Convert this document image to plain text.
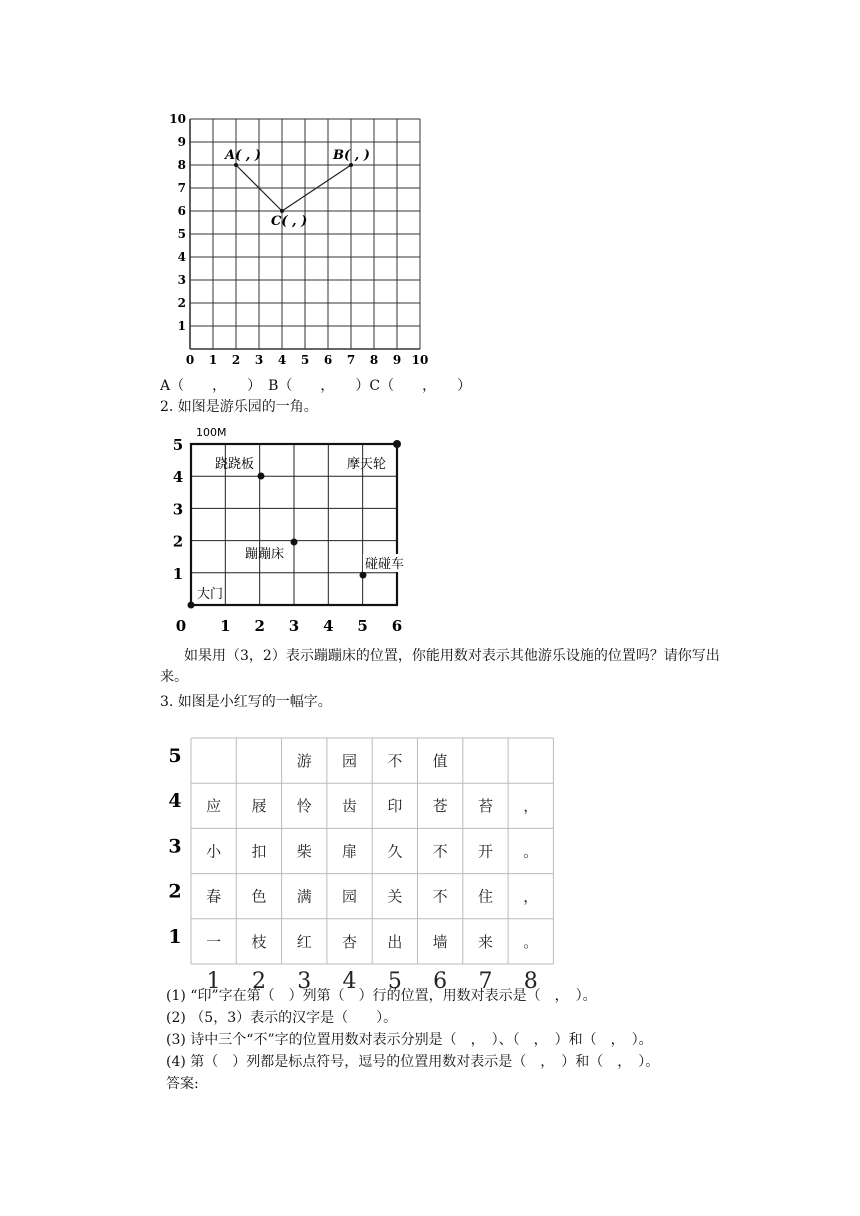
10
9
8
7
6
5
4
3
2
1
0 1 2 3 4 5 6 7 8 9 10
A( , )	B( , )
C( , )
A（　　，　　）　B（　　，　　）C（　　，　　）
2. 如图是游乐园的一角。
5
4
3
2
1
0 1 2 3 4 5 6
100M
跷跷板	摩天轮
蹦蹦床
碰碰车
大门
如果用（3，2）表示蹦蹦床的位置，你能用数对表示其他游乐设施的位置吗？请你写出
来。
3. 如图是小红写的一幅字。
5
4
3
2
1
1 2 3 4 5 6 7 8
游 园 不 值
应 屐 怜 齿 印 苍 苔 ，
小 扣 柴 扉 久 不 开 。
春 色 满 园 关 不 住 ，
一 枝 红 杏 出 墙 来 。
(1) “印”字在第（　）列第（　）行的位置，用数对表示是（　，　）。
(2) （5，3）表示的汉字是（　　）。
(3) 诗中三个“不”字的位置用数对表示分别是（　，　）、（　，　）和（　，　）。
(4) 第（　）列都是标点符号，逗号的位置用数对表示是（　，　）和（　，　）。
答案:
